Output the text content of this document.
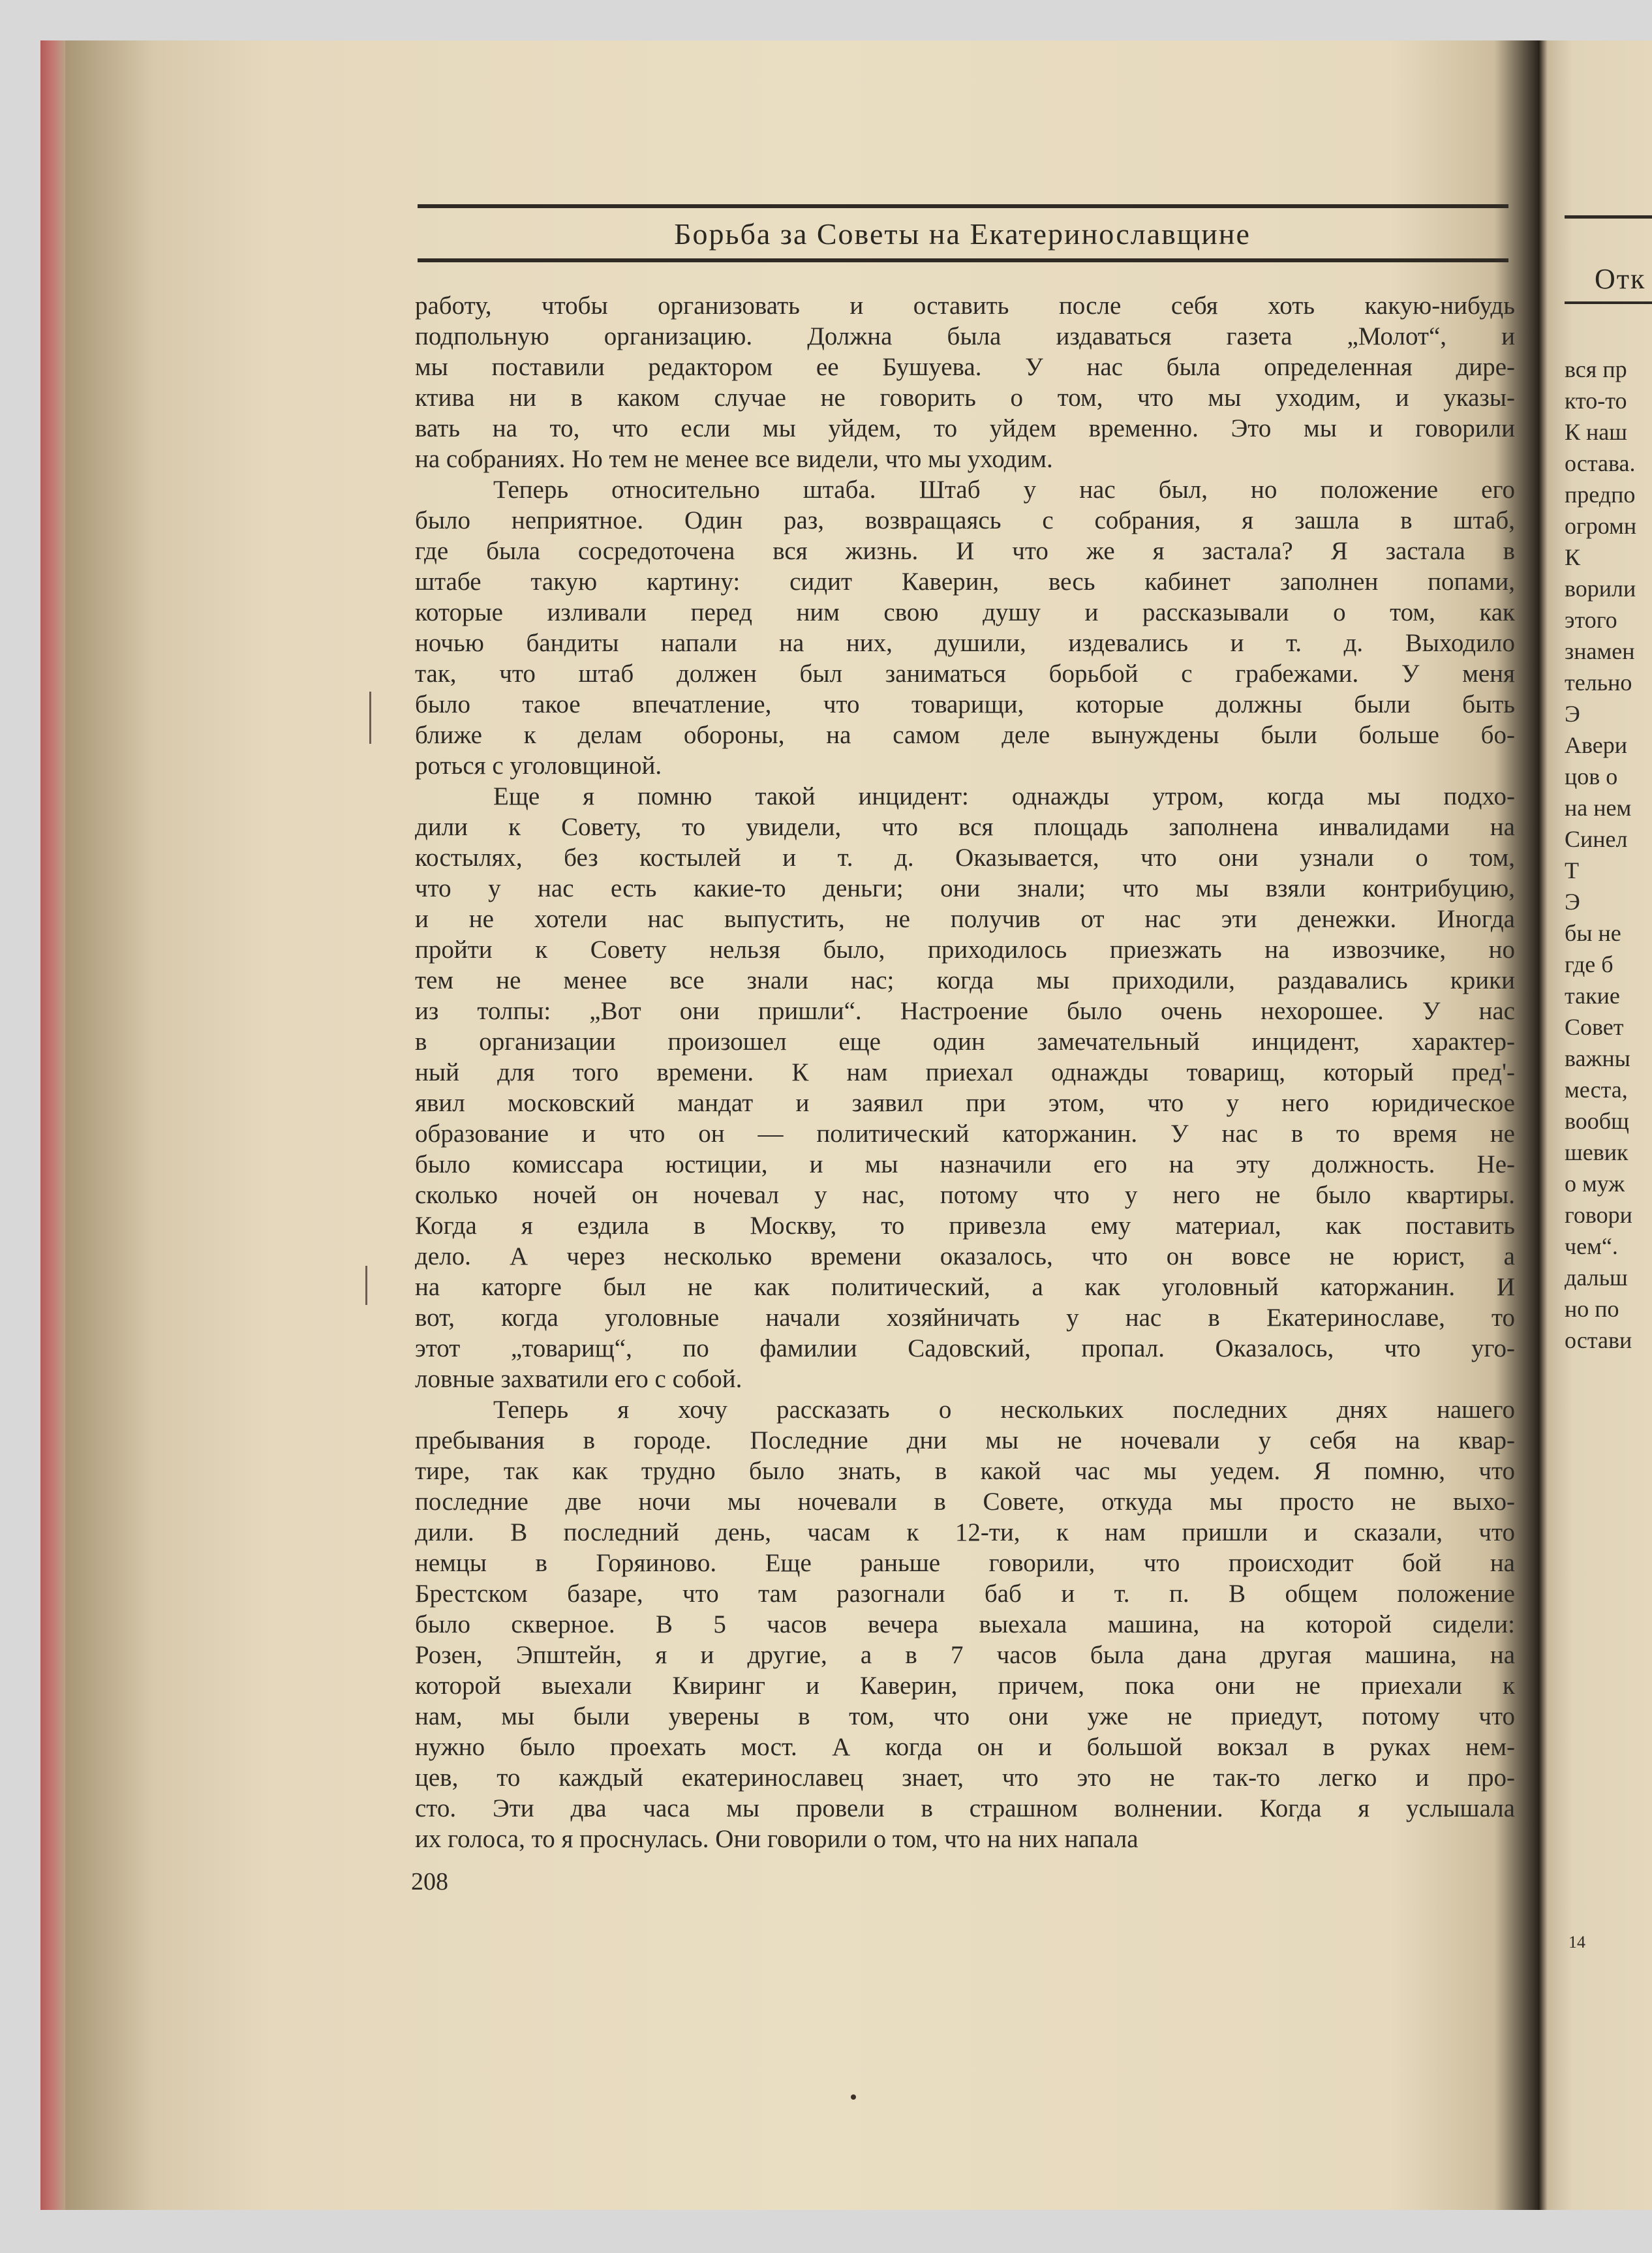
Борьба за Советы на Екатеринославщине
работу, чтобы организовать и оставить после себя хоть какую-нибудь
подпольную организацию. Должна была издаваться газета „Молот“, и
мы поставили редактором ее Бушуева. У нас была определенная дире-
ктива ни в каком случае не говорить о том, что мы уходим, и указы-
вать на то, что если мы уйдем, то уйдем временно. Это мы и говорили
на собраниях. Но тем не менее все видели, что мы уходим.
Теперь относительно штаба. Штаб у нас был, но положение его
было неприятное. Один раз, возвращаясь с собрания, я зашла в штаб,
где была сосредоточена вся жизнь. И что же я застала? Я застала в
штабе такую картину: сидит Каверин, весь кабинет заполнен попами,
которые изливали перед ним свою душу и рассказывали о том, как
ночью бандиты напали на них, душили, издевались и т. д. Выходило
так, что штаб должен был заниматься борьбой с грабежами. У меня
было такое впечатление, что товарищи, которые должны были быть
ближе к делам обороны, на самом деле вынуждены были больше бо-
роться с уголовщиной.
Еще я помню такой инцидент: однажды утром, когда мы подхо-
дили к Совету, то увидели, что вся площадь заполнена инвалидами на
костылях, без костылей и т. д. Оказывается, что они узнали о том,
что у нас есть какие-то деньги; они знали; что мы взяли контрибуцию,
и не хотели нас выпустить, не получив от нас эти денежки. Иногда
пройти к Совету нельзя было, приходилось приезжать на извозчике, но
тем не менее все знали нас; когда мы приходили, раздавались крики
из толпы: „Вот они пришли“. Настроение было очень нехорошее. У нас
в организации произошел еще один замечательный инцидент, характер-
ный для того времени. К нам приехал однажды товарищ, который пред'-
явил московский мандат и заявил при этом, что у него юридическое
образование и что он — политический каторжанин. У нас в то время не
было комиссара юстиции, и мы назначили его на эту должность. Не-
сколько ночей он ночевал у нас, потому что у него не было квартиры.
Когда я ездила в Москву, то привезла ему материал, как поставить
дело. А через несколько времени оказалось, что он вовсе не юрист, а
на каторге был не как политический, а как уголовный каторжанин. И
вот, когда уголовные начали хозяйничать у нас в Екатеринославе, то
этот „товарищ“, по фамилии Садовский, пропал. Оказалось, что уго-
ловные захватили его с собой.
Теперь я хочу рассказать о нескольких последних днях нашего
пребывания в городе. Последние дни мы не ночевали у себя на квар-
тире, так как трудно было знать, в какой час мы уедем. Я помню, что
последние две ночи мы ночевали в Совете, откуда мы просто не выхо-
дили. В последний день, часам к 12-ти, к нам пришли и сказали, что
немцы в Горяиново. Еще раньше говорили, что происходит бой на
Брестском базаре, что там разогнали баб и т. п. В общем положение
было скверное. В 5 часов вечера выехала машина, на которой сидели:
Розен, Эпштейн, я и другие, а в 7 часов была дана другая машина, на
которой выехали Квиринг и Каверин, причем, пока они не приехали к
нам, мы были уверены в том, что они уже не приедут, потому что
нужно было проехать мост. А когда он и большой вокзал в руках нем-
цев, то каждый екатеринославец знает, что это не так-то легко и про-
сто. Эти два часа мы провели в страшном волнении. Когда я услышала
их голоса, то я проснулась. Они говорили о том, что на них напала
208
Отк
вся пр
кто-то
К наш
остава.
предпо
огромн
К
ворили
этого
знамен
тельно
Э
Авери
цов о
на нем
Синел
Т
Э
бы не
где б
такие
Совет
важны
места,
вообщ
шевик
о муж
говори
чем“.
дальш
но по
остави
14
